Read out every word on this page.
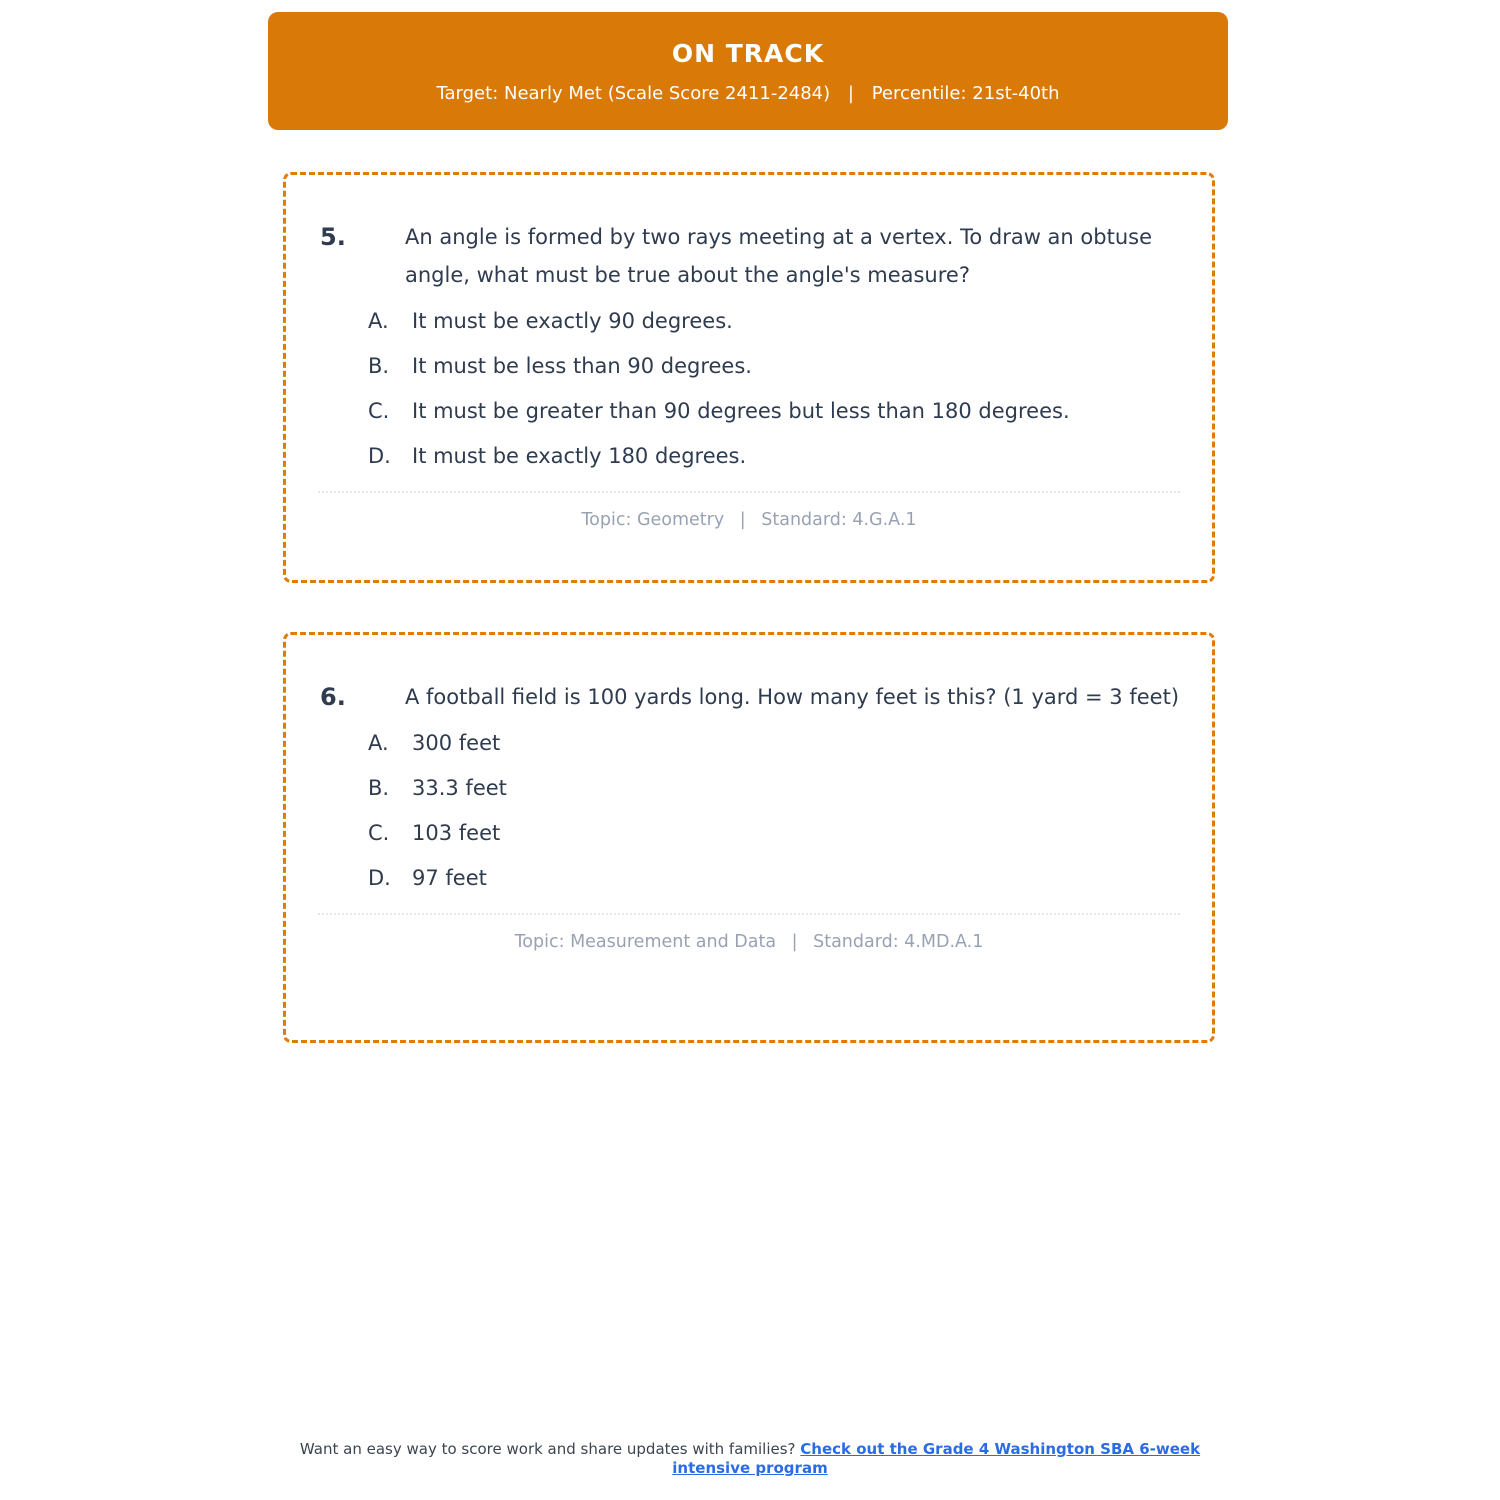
ON TRACK
Target: Nearly Met (Scale Score 2411-2484) | Percentile: 21st-40th
5.	An angle is formed by two rays meeting at a vertex. To draw an obtuse angle, what must be true about the angle's measure?
A.	It must be exactly 90 degrees.
B.	It must be less than 90 degrees.
C.	It must be greater than 90 degrees but less than 180 degrees.
D.	It must be exactly 180 degrees.
Topic: Geometry | Standard: 4.G.A.1
6.	A football field is 100 yards long. How many feet is this? (1 yard = 3 feet)
A.	300 feet
B.	33.3 feet
C.	103 feet
D.	97 feet
Topic: Measurement and Data | Standard: 4.MD.A.1
Want an easy way to score work and share updates with families? Check out the Grade 4 Washington SBA 6-week intensive program
